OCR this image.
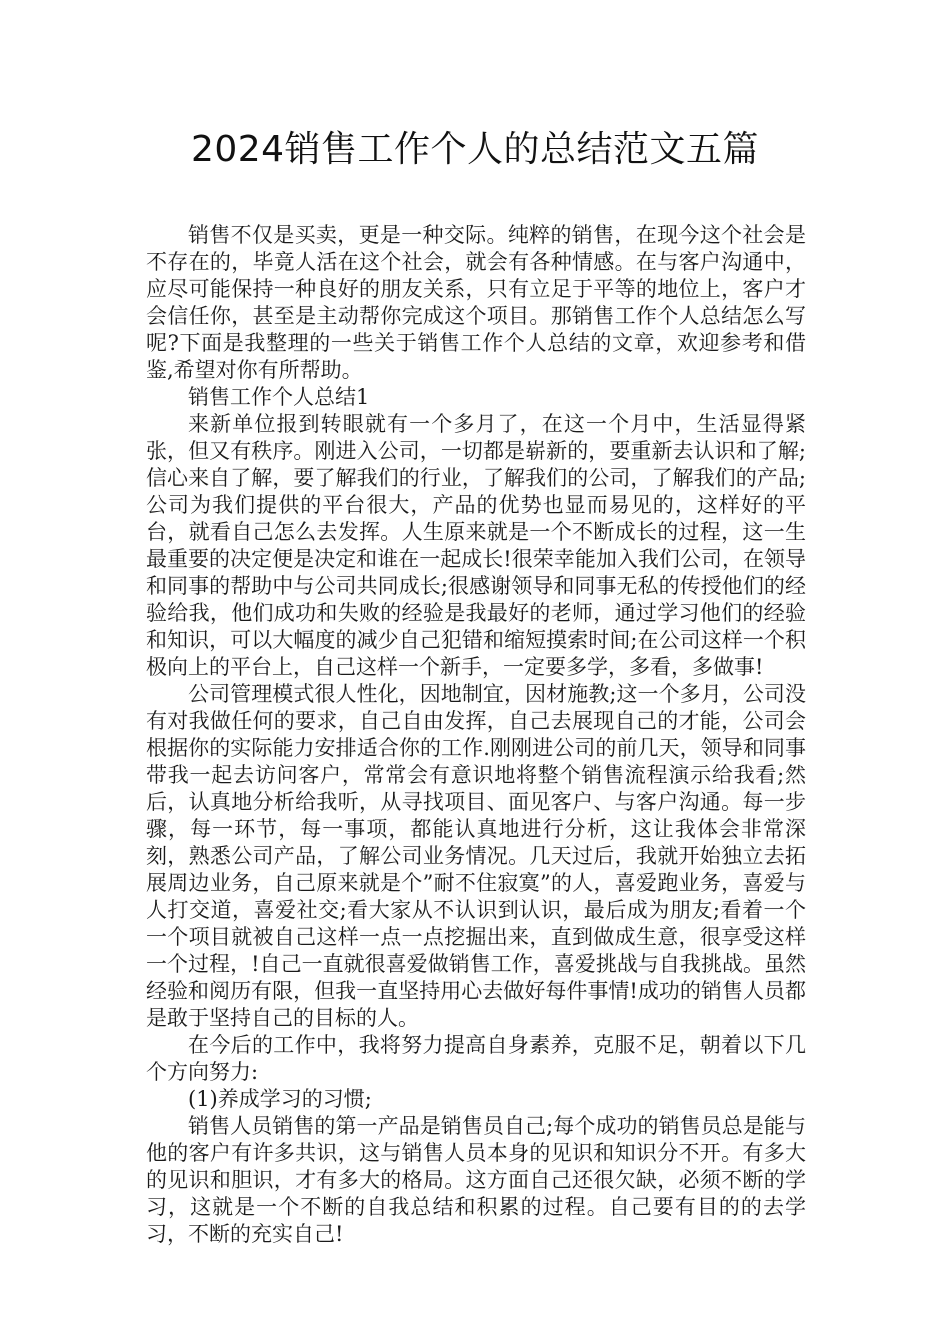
2024销售工作个人的总结范文五篇

销售不仅是买卖，更是一种交际。纯粹的销售，在现今这个社会是不存在的，毕竟人活在这个社会，就会有各种情感。在与客户沟通中，应尽可能保持一种良好的朋友关系，只有立足于平等的地位上，客户才会信任你，甚至是主动帮你完成这个项目。那销售工作个人总结怎么写呢?下面是我整理的一些关于销售工作个人总结的文章，欢迎参考和借鉴,希望对你有所帮助。

销售工作个人总结1

来新单位报到转眼就有一个多月了，在这一个月中，生活显得紧张，但又有秩序。刚进入公司，一切都是崭新的，要重新去认识和了解;信心来自了解，要了解我们的行业，了解我们的公司，了解我们的产品;公司为我们提供的平台很大，产品的优势也显而易见的，这样好的平台，就看自己怎么去发挥。人生原来就是一个不断成长的过程，这一生最重要的决定便是决定和谁在一起成长!很荣幸能加入我们公司，在领导和同事的帮助中与公司共同成长;很感谢领导和同事无私的传授他们的经验给我，他们成功和失败的经验是我最好的老师，通过学习他们的经验和知识，可以大幅度的减少自己犯错和缩短摸索时间;在公司这样一个积极向上的平台上，自己这样一个新手，一定要多学，多看，多做事!

公司管理模式很人性化，因地制宜，因材施教;这一个多月，公司没有对我做任何的要求，自己自由发挥，自己去展现自己的才能，公司会根据你的实际能力安排适合你的工作.刚刚进公司的前几天，领导和同事带我一起去访问客户，常常会有意识地将整个销售流程演示给我看;然后，认真地分析给我听，从寻找项目、面见客户、与客户沟通。每一步骤，每一环节，每一事项，都能认真地进行分析，这让我体会非常深刻，熟悉公司产品，了解公司业务情况。几天过后，我就开始独立去拓展周边业务，自己原来就是个”耐不住寂寞”的人，喜爱跑业务，喜爱与人打交道，喜爱社交;看大家从不认识到认识，最后成为朋友;看着一个一个项目就被自己这样一点一点挖掘出来，直到做成生意，很享受这样一个过程，!自己一直就很喜爱做销售工作，喜爱挑战与自我挑战。虽然经验和阅历有限，但我一直坚持用心去做好每件事情!成功的销售人员都是敢于坚持自己的目标的人。

在今后的工作中，我将努力提高自身素养，克服不足，朝着以下几个方向努力:

(1)养成学习的习惯;

销售人员销售的第一产品是销售员自己;每个成功的销售员总是能与他的客户有许多共识，这与销售人员本身的见识和知识分不开。有多大的见识和胆识，才有多大的格局。这方面自己还很欠缺，必须不断的学习，这就是一个不断的自我总结和积累的过程。自己要有目的的去学习，不断的充实自己!
